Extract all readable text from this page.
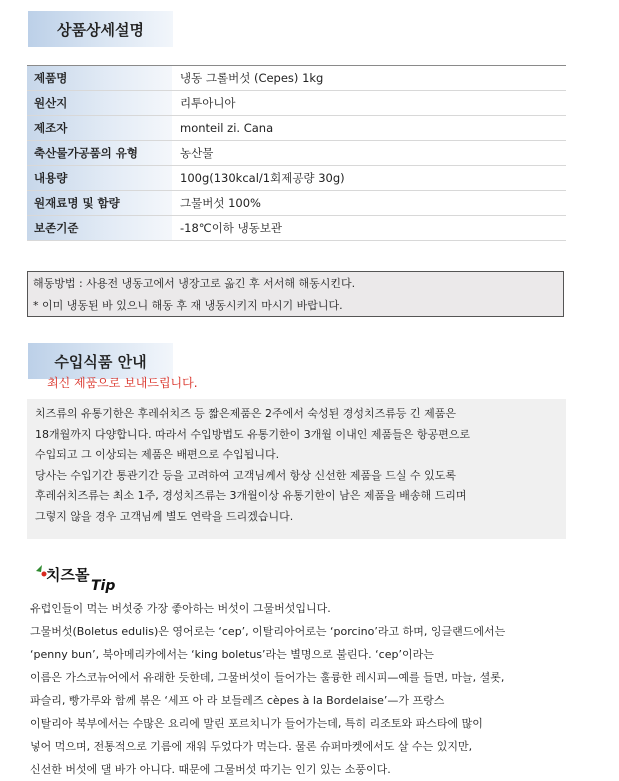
상품상세설명
제품명	냉동 그롤버섯 (Cepes) 1kg
원산지	리투아니아
제조자	monteil zi. Cana
축산물가공품의 유형	농산물
내용량	100g(130kcal/1회제공량 30g)
원재료명 및 함량	그물버섯 100%
보존기준	-18℃이하 냉동보관
해동방법 : 사용전 냉동고에서 냉장고로 옮긴 후 서서해 해동시킨다.
* 이미 냉동된 바 있으니 해동 후 재 냉동시키지 마시기 바랍니다.
수입식품 안내
최신 제품으로 보내드립니다.
치즈류의 유통기한은 후레쉬치즈 등 짧은제품은 2주에서 숙성된 경성치즈류등 긴 제품은
18개월까지 다양합니다. 따라서 수입방법도 유통기한이 3개월 이내인 제품들은 항공편으로
수입되고 그 이상되는 제품은 배편으로 수입됩니다.
당사는 수입기간 통관기간 등을 고려하여 고객님께서 항상 신선한 제품을 드실 수 있도록
후레쉬치즈류는 최소 1주, 경성치즈류는 3개월이상 유통기한이 남은 제품을 배송해 드리며
그렇지 않을 경우 고객님께 별도 연락을 드리겠습니다.
치즈몰
Tip
유럽인들이 먹는 버섯중 가장 좋아하는 버섯이 그물버섯입니다.
그물버섯(Boletus edulis)은 영어로는 ‘cep’, 이탈리아어로는 ‘porcino’라고 하며, 잉글랜드에서는
‘penny bun’, 북아메리카에서는 ‘king boletus’라는 별명으로 불린다. ‘cep’이라는
이름은 가스코뉴어에서 유래한 듯한데, 그물버섯이 들어가는 훌륭한 레시피—예를 들면, 마늘, 셜롯,
파슬리, 빵가루와 함께 볶은 ‘세프 아 라 보들레즈 cèpes à la Bordelaise’—가 프랑스
이탈리아 북부에서는 수많은 요리에 말린 포르치니가 들어가는데, 특히 리조토와 파스타에 많이
넣어 먹으며, 전통적으로 기름에 재워 두었다가 먹는다. 물론 슈퍼마켓에서도 살 수는 있지만,
신선한 버섯에 댈 바가 아니다. 때문에 그물버섯 따기는 인기 있는 소풍이다.
